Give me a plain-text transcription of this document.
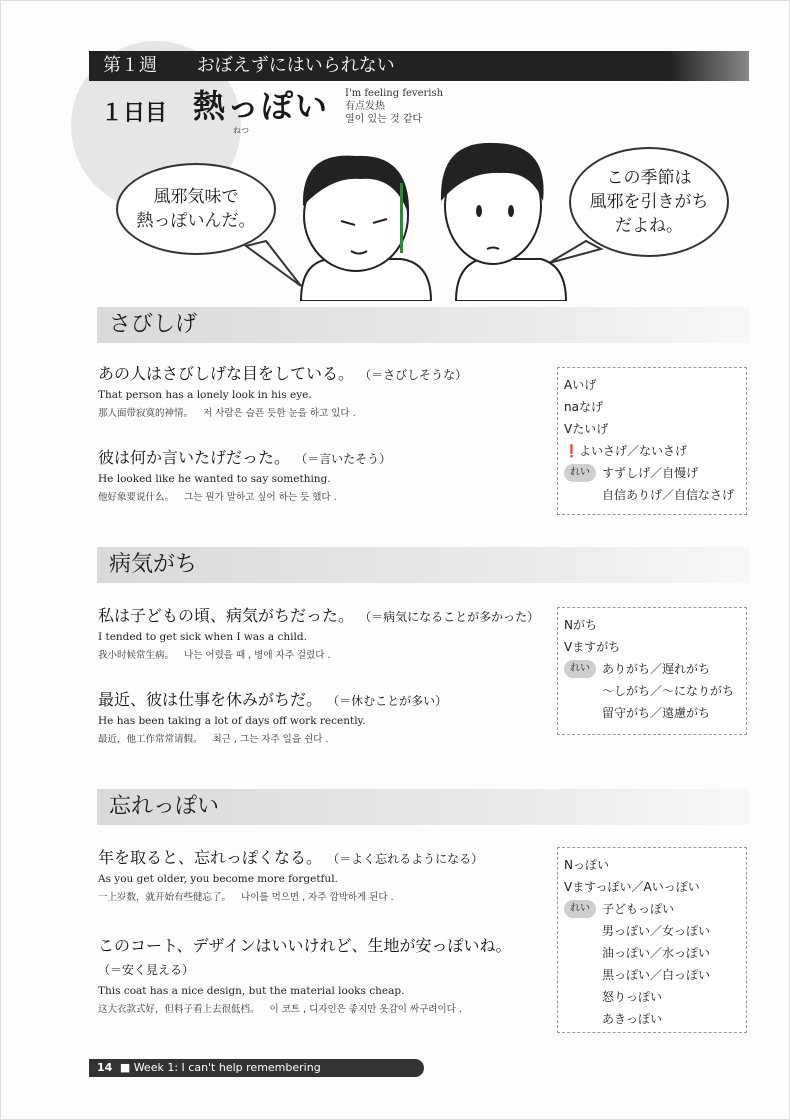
第１週 おぼえずにはいられない
１日目 熱っぽい
ねつ
I'm feeling feverish
有点发热
열이 있는 것 같다
風邪気味で
熱っぽいんだ。
この季節は
風邪を引きがち
だよね。
さびしげ
あの人はさびしげな目をしている。 （＝さびしそうな）
That person has a lonely look in his eye.
那人面带寂寞的神情。 저 사람은 슬픈 듯한 눈을 하고 있다 .
彼は何か言いたげだった。 （＝言いたそう）
He looked like he wanted to say something.
他好象要说什么。 그는 뭔가 말하고 싶어 하는 듯 했다 .
Aいげ
naなげ
Vたいげ
❗よいさげ／ないさげ
れい	すずしげ／自慢げ
自信ありげ／自信なさげ
病気がち
私は子どもの頃、病気がちだった。 （＝病気になることが多かった）
I tended to get sick when I was a child.
我小时候常生病。 나는 어렸을 때 , 병에 자주 걸렸다 .
最近、彼は仕事を休みがちだ。 （＝休むことが多い）
He has been taking a lot of days off work recently.
最近，他工作常常请假。 최근 , 그는 자주 일을 쉰다 .
Nがち
Vますがち
れい	ありがち／遅れがち
～しがち／～になりがち
留守がち／遠慮がち
忘れっぽい
年を取ると、忘れっぽくなる。 （＝よく忘れるようになる）
As you get older, you become more forgetful.
一上岁数，就开始有些健忘了。 나이를 먹으면 , 자주 깜박하게 된다 .
このコート、デザインはいいけれど、生地が安っぽいね。
（＝安く見える）
This coat has a nice design, but the material looks cheap.
这大衣款式好，但料子看上去很低档。 이 코트 , 디자인은 좋지만 옷감이 싸구려이다 .
Nっぽい
Vますっぽい／Aいっぽい
れい	子どもっぽい
男っぽい／女っぽい
油っぽい／水っぽい
黒っぽい／白っぽい
怒りっぽい
あきっぽい
14 ■ Week 1: I can't help remembering
